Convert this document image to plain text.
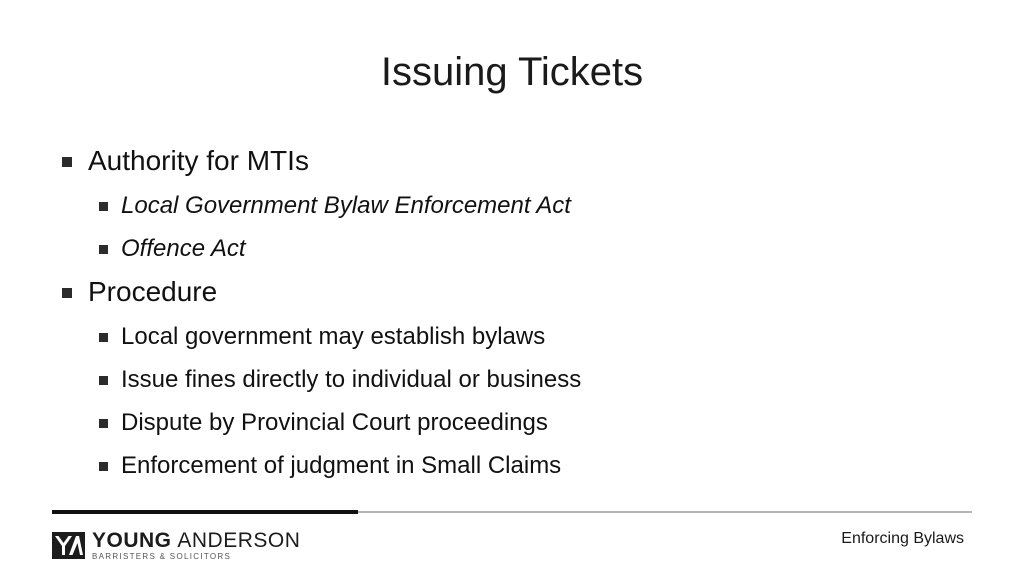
Issuing Tickets
Authority for MTIs
Local Government Bylaw Enforcement Act
Offence Act
Procedure
Local government may establish bylaws
Issue fines directly to individual or business
Dispute by Provincial Court proceedings
Enforcement of judgment in Small Claims
YOUNG ANDERSON
BARRISTERS & SOLICITORS
Enforcing Bylaws
